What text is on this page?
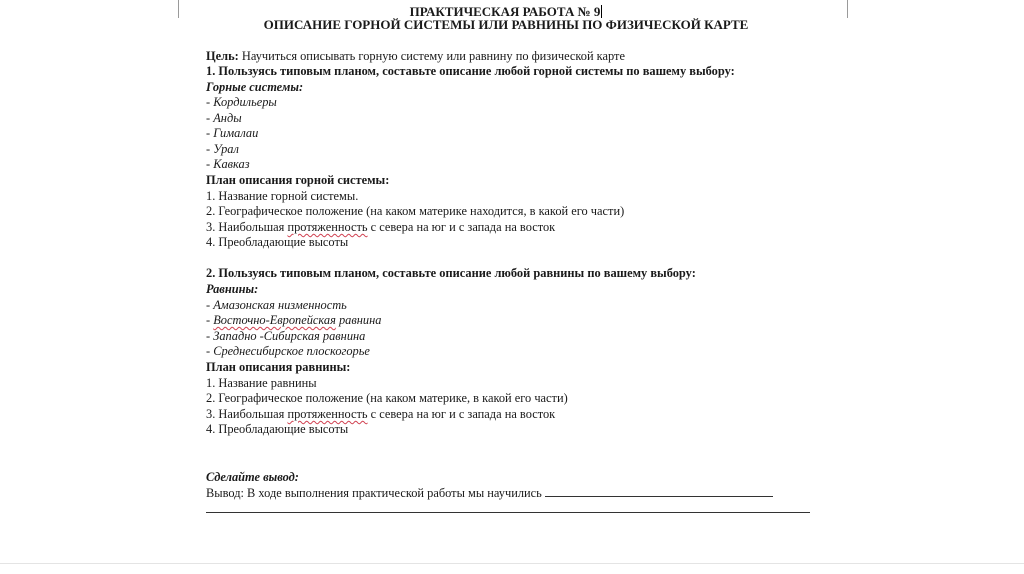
ПРАКТИЧЕСКАЯ РАБОТА № 9
ОПИСАНИЕ ГОРНОЙ СИСТЕМЫ ИЛИ РАВНИНЫ ПО ФИЗИЧЕСКОЙ КАРТЕ
Цель: Научиться описывать горную систему или равнину по физической карте
1. Пользуясь типовым планом, составьте описание любой горной системы по вашему выбору:
Горные системы:
- Кордильеры
- Анды
- Гималаи
- Урал
- Кавказ
План описания горной системы:
1. Название горной системы.
2. Географическое положение (на каком материке находится, в какой его части)
3. Наибольшая протяженность с севера на юг и с запада на восток
4. Преобладающие высоты
2. Пользуясь типовым планом, составьте описание любой равнины по вашему выбору:
Равнины:
- Амазонская низменность
- Восточно-Европейская равнина
- Западно -Сибирская равнина
- Среднесибирское плоскогорье
План описания равнины:
1. Название равнины
2. Географическое положение (на каком материке, в какой его части)
3. Наибольшая протяженность с севера на юг и с запада на восток
4. Преобладающие высоты
Сделайте вывод:
Вывод: В ходе выполнения практической работы мы научились
